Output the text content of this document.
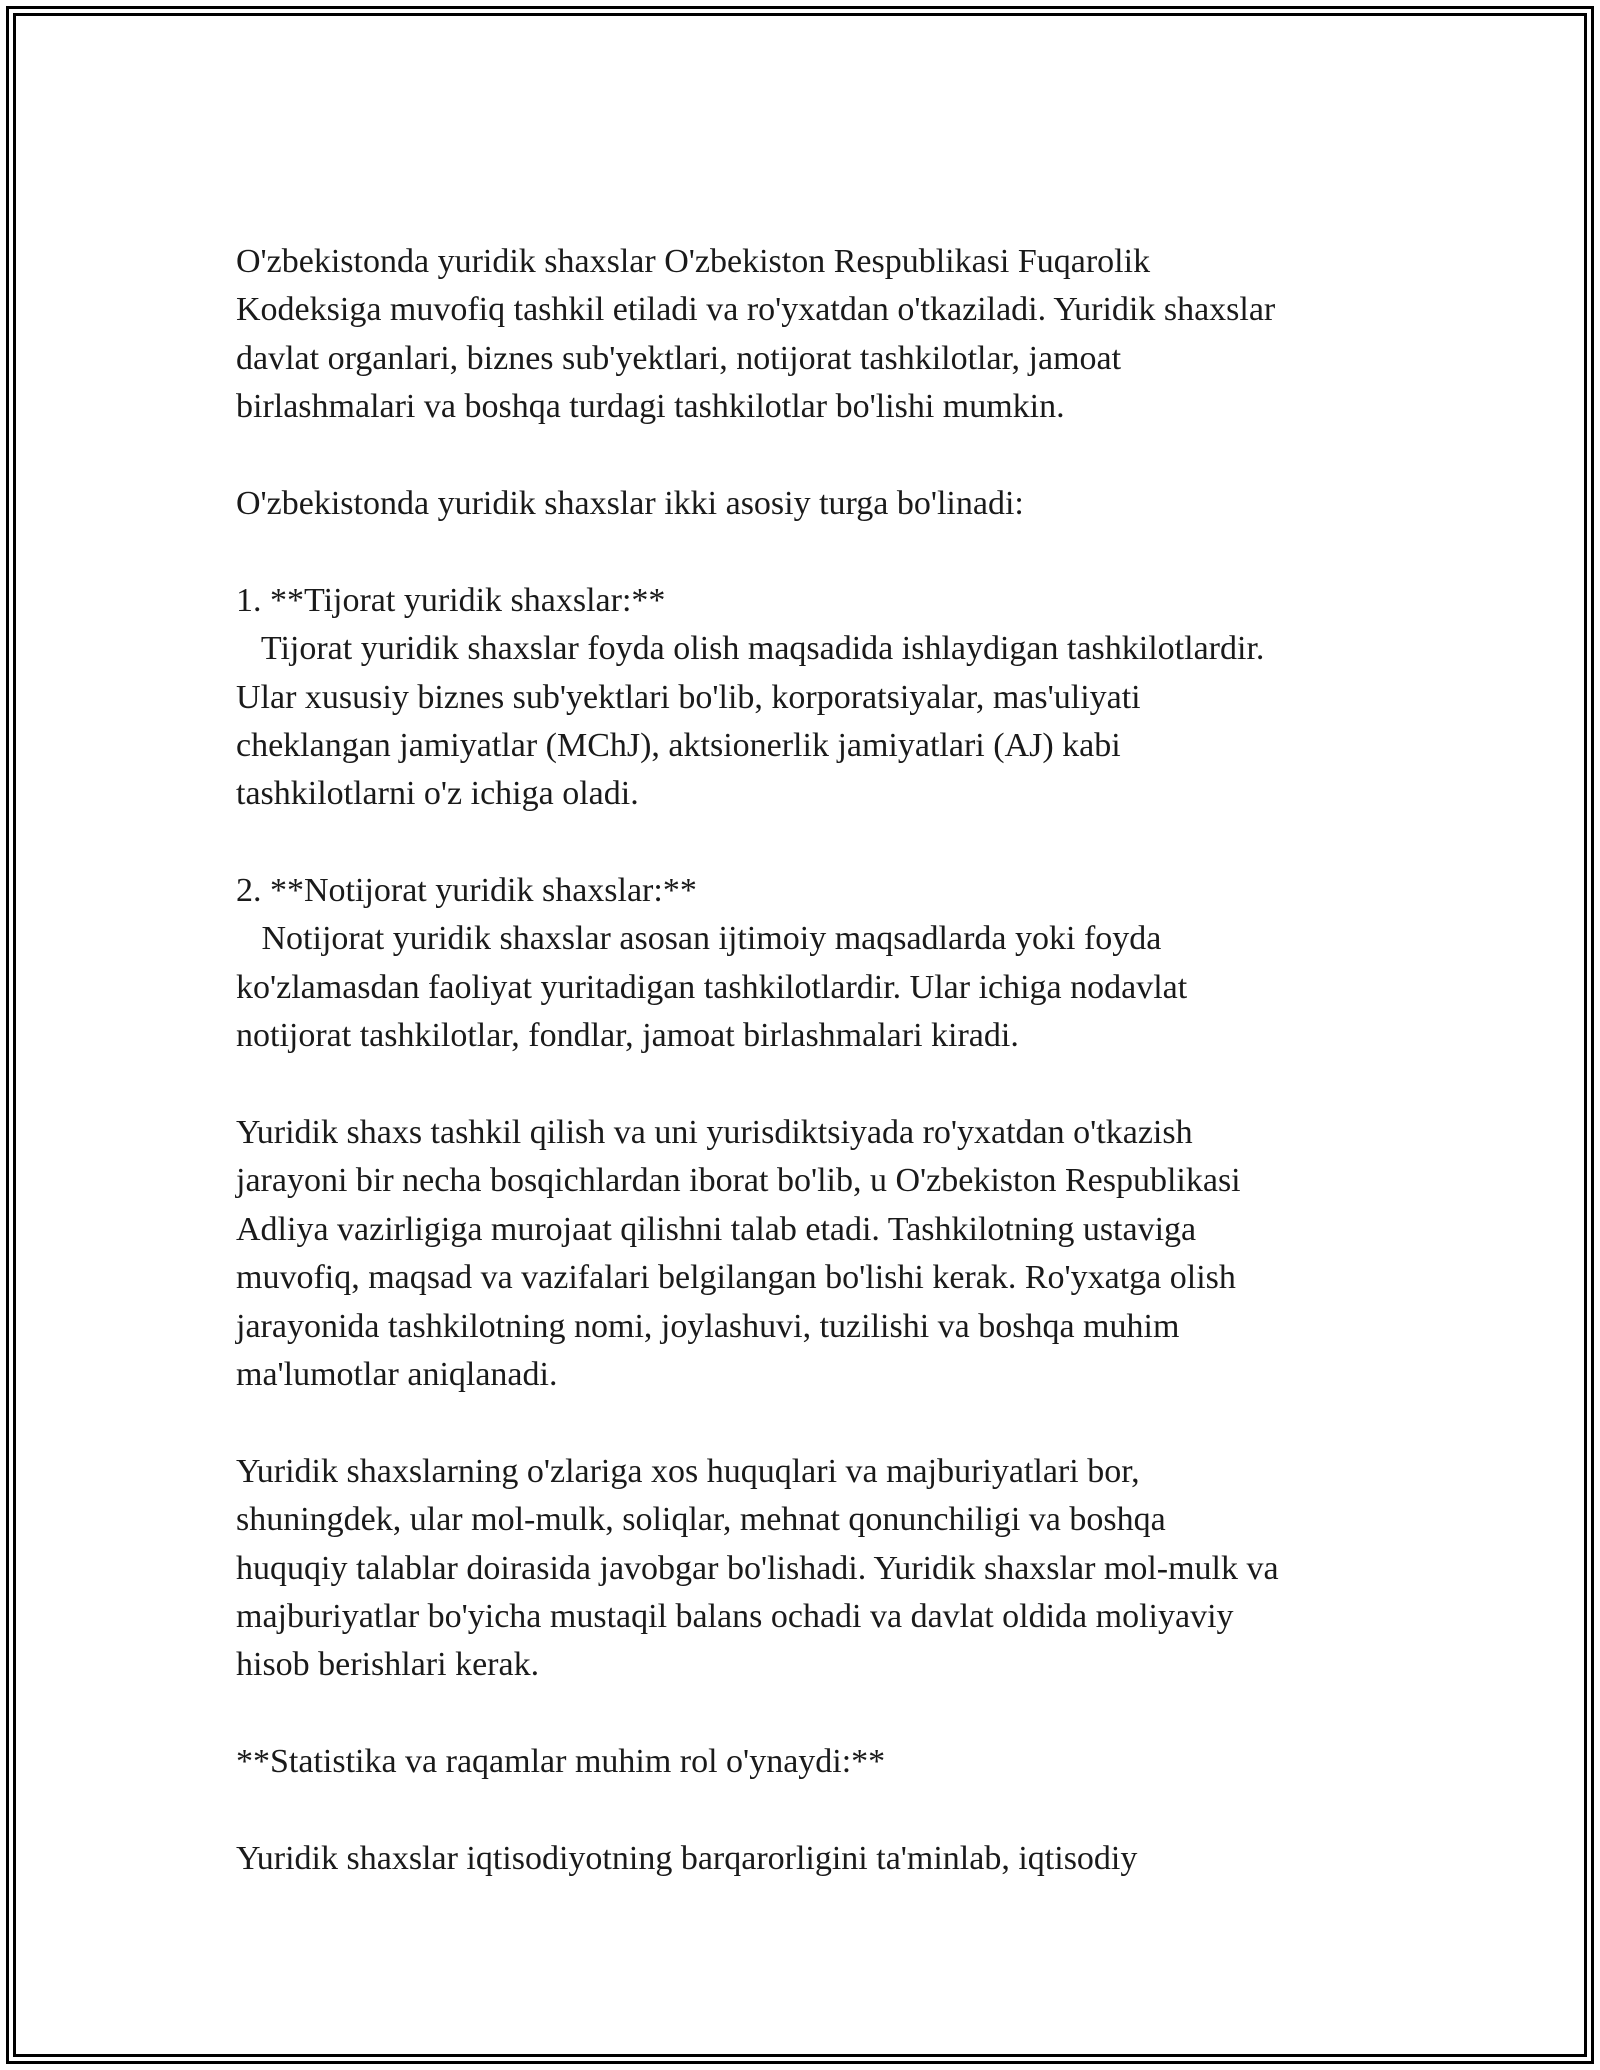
O'zbekistonda yuridik shaxslar O'zbekiston Respublikasi Fuqarolik
Kodeksiga muvofiq tashkil etiladi va ro'yxatdan o'tkaziladi. Yuridik shaxslar
davlat organlari, biznes sub'yektlari, notijorat tashkilotlar, jamoat
birlashmalari va boshqa turdagi tashkilotlar bo'lishi mumkin.
O'zbekistonda yuridik shaxslar ikki asosiy turga bo'linadi:
1. **Tijorat yuridik shaxslar:**
Tijorat yuridik shaxslar foyda olish maqsadida ishlaydigan tashkilotlardir.
Ular xususiy biznes sub'yektlari bo'lib, korporatsiyalar, mas'uliyati
cheklangan jamiyatlar (MChJ), aktsionerlik jamiyatlari (AJ) kabi
tashkilotlarni o'z ichiga oladi.
2. **Notijorat yuridik shaxslar:**
Notijorat yuridik shaxslar asosan ijtimoiy maqsadlarda yoki foyda
ko'zlamasdan faoliyat yuritadigan tashkilotlardir. Ular ichiga nodavlat
notijorat tashkilotlar, fondlar, jamoat birlashmalari kiradi.
Yuridik shaxs tashkil qilish va uni yurisdiktsiyada ro'yxatdan o'tkazish
jarayoni bir necha bosqichlardan iborat bo'lib, u O'zbekiston Respublikasi
Adliya vazirligiga murojaat qilishni talab etadi. Tashkilotning ustaviga
muvofiq, maqsad va vazifalari belgilangan bo'lishi kerak. Ro'yxatga olish
jarayonida tashkilotning nomi, joylashuvi, tuzilishi va boshqa muhim
ma'lumotlar aniqlanadi.
Yuridik shaxslarning o'zlariga xos huquqlari va majburiyatlari bor,
shuningdek, ular mol-mulk, soliqlar, mehnat qonunchiligi va boshqa
huquqiy talablar doirasida javobgar bo'lishadi. Yuridik shaxslar mol-mulk va
majburiyatlar bo'yicha mustaqil balans ochadi va davlat oldida moliyaviy
hisob berishlari kerak.
**Statistika va raqamlar muhim rol o'ynaydi:**
Yuridik shaxslar iqtisodiyotning barqarorligini ta'minlab, iqtisodiy
